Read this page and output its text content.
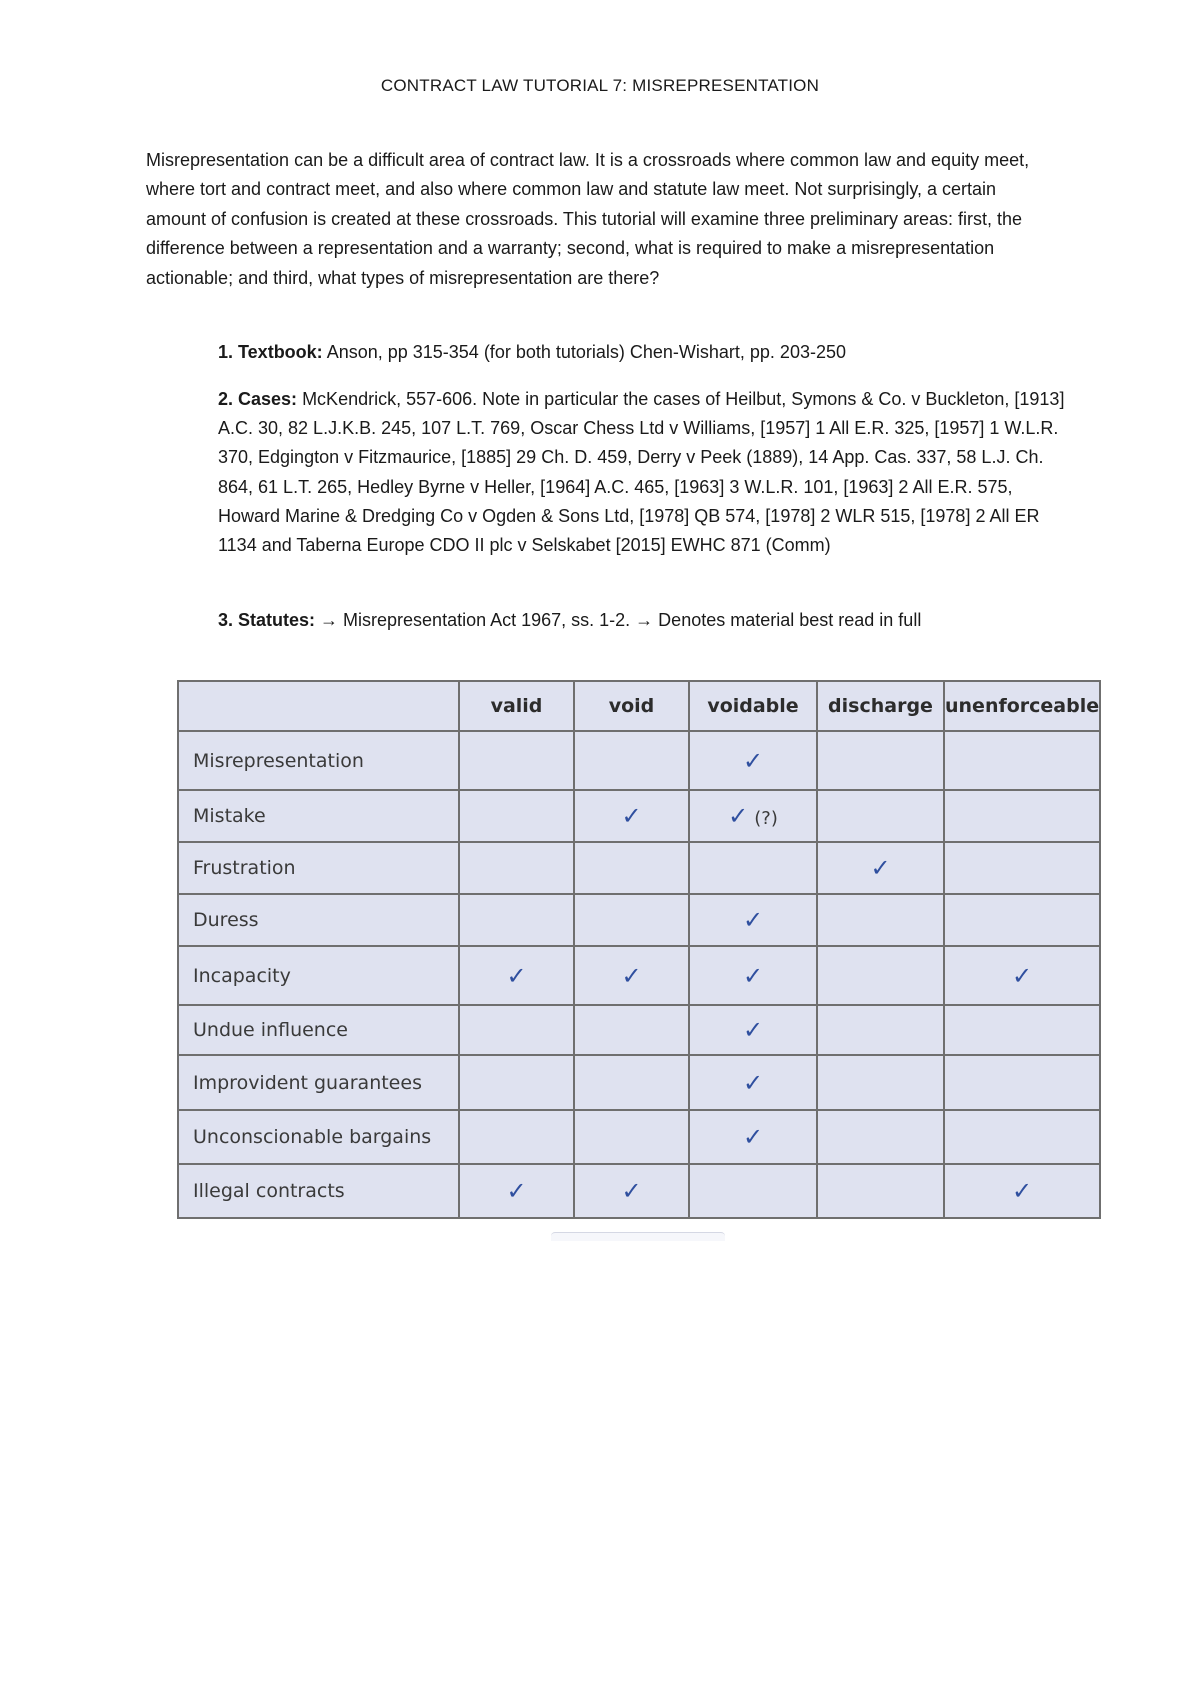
CONTRACT LAW TUTORIAL 7: MISREPRESENTATION

Misrepresentation can be a difficult area of contract law. It is a crossroads where common law and equity meet, where tort and contract meet, and also where common law and statute law meet. Not surprisingly, a certain amount of confusion is created at these crossroads. This tutorial will examine three preliminary areas: first, the difference between a representation and a warranty; second, what is required to make a misrepresentation actionable; and third, what types of misrepresentation are there?

1. Textbook: Anson, pp 315-354 (for both tutorials) Chen-Wishart, pp. 203-250

2. Cases: McKendrick, 557-606. Note in particular the cases of Heilbut, Symons & Co. v Buckleton, [1913] A.C. 30, 82 L.J.K.B. 245, 107 L.T. 769, Oscar Chess Ltd v Williams, [1957] 1 All E.R. 325, [1957] 1 W.L.R. 370, Edgington v Fitzmaurice, [1885] 29 Ch. D. 459, Derry v Peek (1889), 14 App. Cas. 337, 58 L.J. Ch. 864, 61 L.T. 265, Hedley Byrne v Heller, [1964] A.C. 465, [1963] 3 W.L.R. 101, [1963] 2 All E.R. 575, Howard Marine & Dredging Co v Ogden & Sons Ltd, [1978] QB 574, [1978] 2 WLR 515, [1978] 2 All ER 1134 and Taberna Europe CDO II plc v Selskabet [2015] EWHC 871 (Comm)

3. Statutes: → Misrepresentation Act 1967, ss. 1-2. → Denotes material best read in full

	valid	void	voidable	discharge	unenforceable
Misrepresentation			✓		
Mistake		✓	✓ (?)		
Frustration				✓	
Duress			✓		
Incapacity	✓	✓	✓		✓
Undue influence			✓		
Improvident guarantees			✓		
Unconscionable bargains			✓		
Illegal contracts	✓	✓			✓
